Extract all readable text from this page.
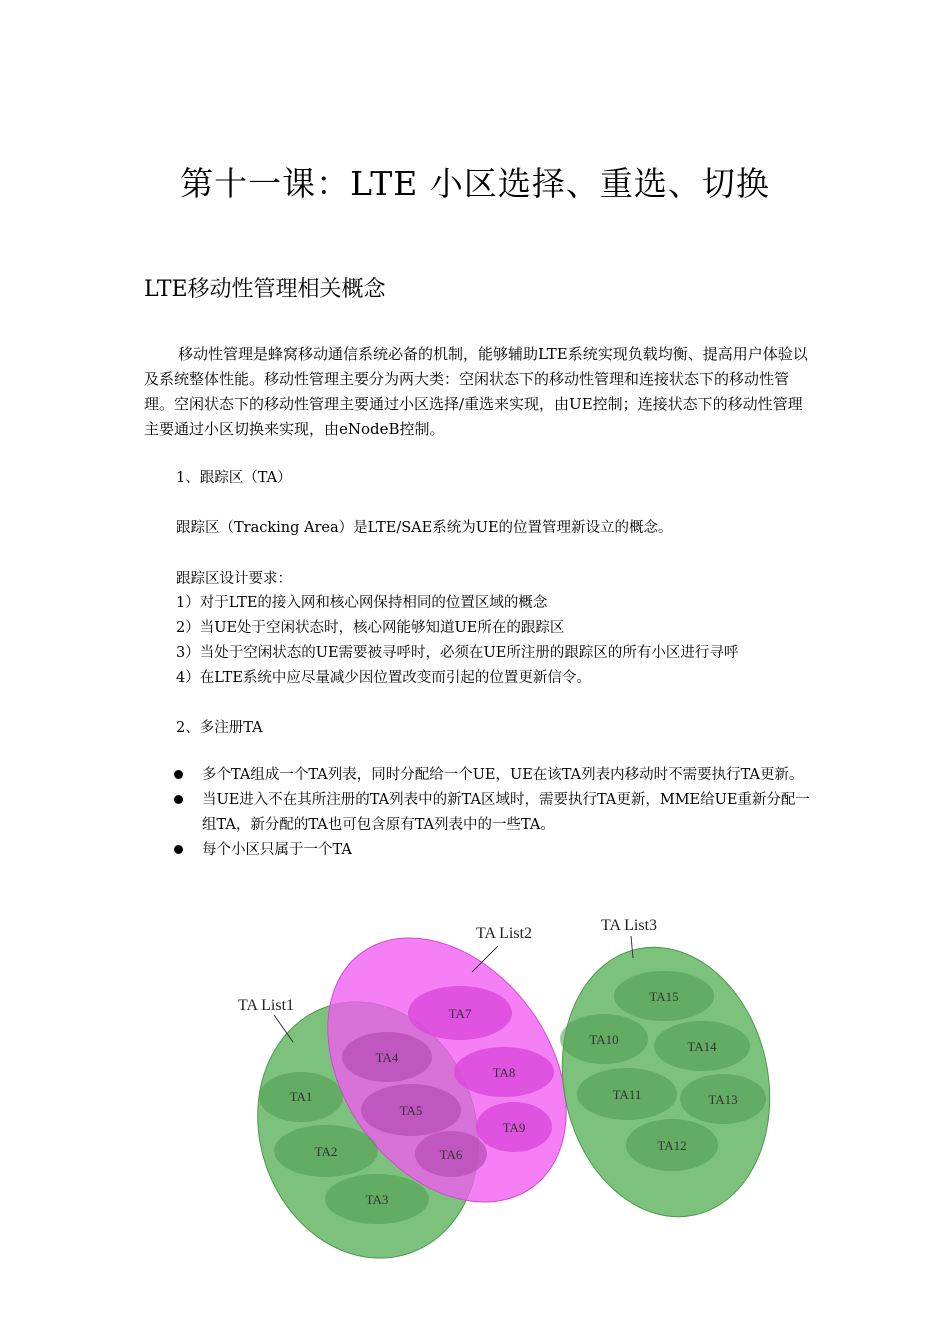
第十一课：LTE 小区选择、重选、切换
LTE移动性管理相关概念

移动性管理是蜂窝移动通信系统必备的机制，能够辅助LTE系统实现负载均衡、提高用户体验以及系统整体性能。移动性管理主要分为两大类：空闲状态下的移动性管理和连接状态下的移动性管理。空闲状态下的移动性管理主要通过小区选择/重选来实现，由UE控制；连接状态下的移动性管理主要通过小区切换来实现，由eNodeB控制。

1、跟踪区（TA）

跟踪区（Tracking Area）是LTE/SAE系统为UE的位置管理新设立的概念。

跟踪区设计要求：

1）对于LTE的接入网和核心网保持相同的位置区域的概念

2）当UE处于空闲状态时，核心网能够知道UE所在的跟踪区

3）当处于空闲状态的UE需要被寻呼时，必须在UE所注册的跟踪区的所有小区进行寻呼

4）在LTE系统中应尽量减少因位置改变而引起的位置更新信令。

2、多注册TA

多个TA组成一个TA列表，同时分配给一个UE，UE在该TA列表内移动时不需要执行TA更新。
当UE进入不在其所注册的TA列表中的新TA区域时，需要执行TA更新，MME给UE重新分配一组TA，新分配的TA也可包含原有TA列表中的一些TA。
每个小区只属于一个TA
TA1
TA2
TA3
TA4
TA5
TA6
TA7
TA8
TA9
TA10
TA11
TA12
TA13
TA14
TA15
TA List1
TA List2	TA List3
